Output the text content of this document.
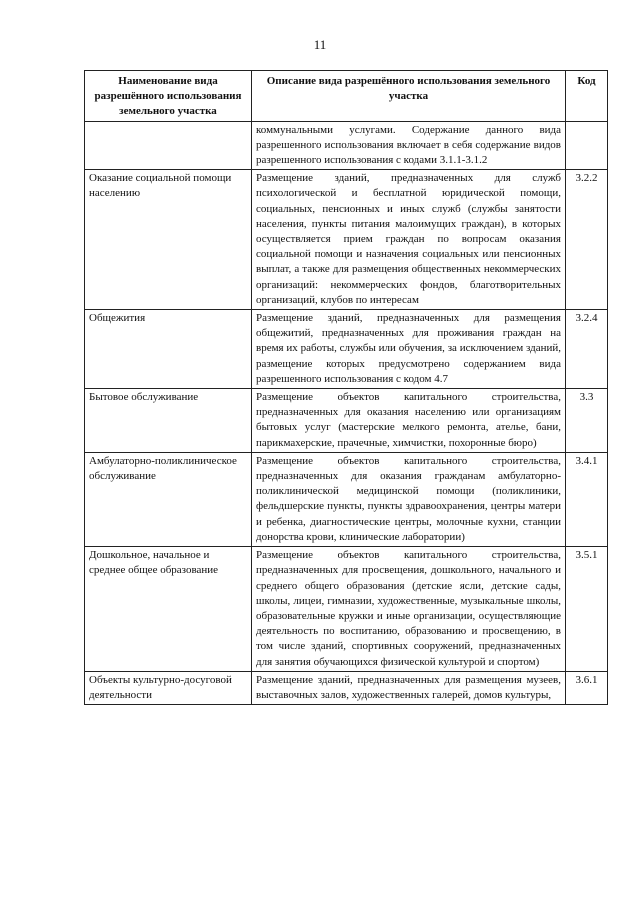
11
Наименование вида разрешённого использования земельного участка	Описание вида разрешённого использования земельного участка	Код
	коммунальными услугами. Содержание данного вида разрешенного использования включает в себя содержание видов разрешенного использования с кодами 3.1.1-3.1.2	
Оказание социальной помощи населению	Размещение зданий, предназначенных для служб психологической и бесплатной юридической помощи, социальных, пенсионных и иных служб (службы занятости населения, пункты питания малоимущих граждан), в которых осуществляется прием граждан по вопросам оказания социальной помощи и назначения социальных или пенсионных выплат, а также для размещения общественных некоммерческих организаций: некоммерческих фондов, благотворительных организаций, клубов по интересам	3.2.2
Общежития	Размещение зданий, предназначенных для размещения общежитий, предназначенных для проживания граждан на время их работы, службы или обучения, за исключением зданий, размещение которых предусмотрено содержанием вида разрешенного использования с кодом 4.7	3.2.4
Бытовое обслуживание	Размещение объектов капитального строительства, предназначенных для оказания населению или организациям бытовых услуг (мастерские мелкого ремонта, ателье, бани, парикмахерские, прачечные, химчистки, похоронные бюро)	3.3
Амбулаторно-поликлиническое обслуживание	Размещение объектов капитального строительства, предназначенных для оказания гражданам амбулаторно-поликлинической медицинской помощи (поликлиники, фельдшерские пункты, пункты здравоохранения, центры матери и ребенка, диагностические центры, молочные кухни, станции донорства крови, клинические лаборатории)	3.4.1
Дошкольное, начальное и среднее общее образование	Размещение объектов капитального строительства, предназначенных для просвещения, дошкольного, начального и среднего общего образования (детские ясли, детские сады, школы, лицеи, гимназии, художественные, музыкальные школы, образовательные кружки и иные организации, осуществляющие деятельность по воспитанию, образованию и просвещению, в том числе зданий, спортивных сооружений, предназначенных для занятия обучающихся физической культурой и спортом)	3.5.1
Объекты культурно-досуговой деятельности	Размещение зданий, предназначенных для размещения музеев, выставочных залов, художественных галерей, домов культуры,	3.6.1
